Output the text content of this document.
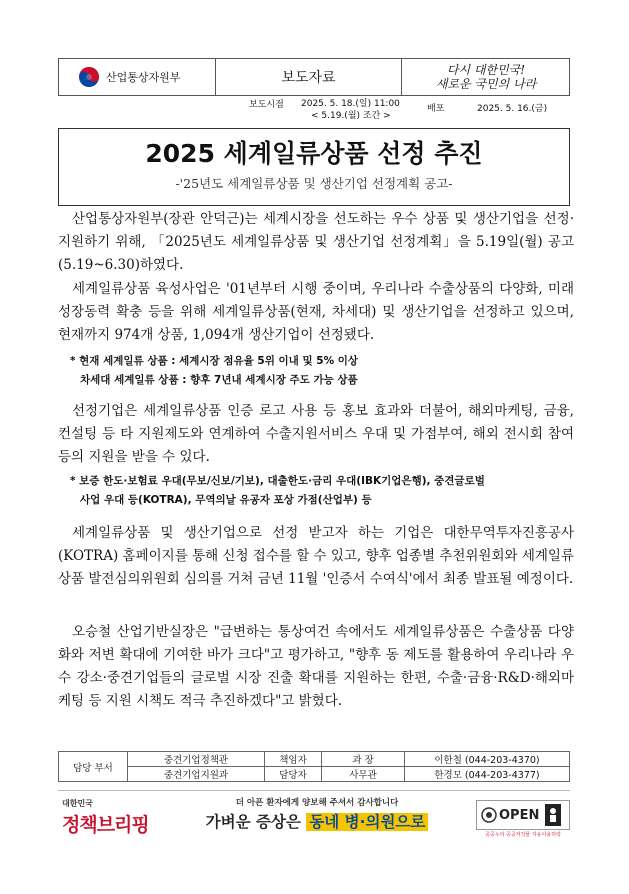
산업통상자원부	보도자료	다시 대한민국!
새로운 국민의 나라
보도시점 2025. 5. 18.(일) 11:00
< 5.19.(월) 조간 >
배포	2025. 5. 16.(금)
2025 세계일류상품 선정 추진
-'25년도 세계일류상품 및 생산기업 선정계획 공고-

산업통상자원부(장관 안덕근)는 세계시장을 선도하는 우수 상품 및 생산기업을 선정·지원하기 위해, 「2025년도 세계일류상품 및 생산기업 선정계획」을 5.19일(월) 공고(5.19~6.30)하였다.

세계일류상품 육성사업은 '01년부터 시행 중이며, 우리나라 수출상품의 다양화, 미래 성장동력 확충 등을 위해 세계일류상품(현재, 차세대) 및 생산기업을 선정하고 있으며, 현재까지 974개 상품, 1,094개 생산기업이 선정됐다.

* 현재 세계일류 상품 : 세계시장 점유율 5위 이내 및 5% 이상
차세대 세계일류 상품 : 향후 7년내 세계시장 주도 가능 상품

선정기업은 세계일류상품 인증 로고 사용 등 홍보 효과와 더불어, 해외마케팅, 금융, 컨설팅 등 타 지원제도와 연계하여 수출지원서비스 우대 및 가점부여, 해외 전시회 참여 등의 지원을 받을 수 있다.

* 보증 한도·보험료 우대(무보/신보/기보), 대출한도·금리 우대(IBK기업은행), 중견글로벌
사업 우대 등(KOTRA), 무역의날 유공자 포상 가점(산업부) 등

세계일류상품 및 생산기업으로 선정 받고자 하는 기업은 대한무역투자진흥공사(KOTRA) 홈페이지를 통해 신청 접수를 할 수 있고, 향후 업종별 추천위원회와 세계일류상품 발전심의위원회 심의를 거쳐 금년 11월 '인증서 수여식'에서 최종 발표될 예정이다.

오승철 산업기반실장은 "급변하는 통상여건 속에서도 세계일류상품은 수출상품 다양화와 저변 확대에 기여한 바가 크다"고 평가하고, "향후 동 제도를 활용하여 우리나라 우수 강소·중견기업들의 글로벌 시장 진출 확대를 지원하는 한편, 수출·금융·R&D·해외마케팅 등 지원 시책도 적극 추진하겠다"고 밝혔다.

담당 부서	중견기업정책관	책임자	과 장	이한철 (044-203-4370)
	중견기업지원과	담당자	사무관	한경모 (044-203-4377)
대한민국
정책브리핑
더 아픈 환자에게 양보해 주셔서 감사합니다
가벼운 증상은 동네 병·의원으로	OPEN
공공누리 공공저작물 자유이용허락
